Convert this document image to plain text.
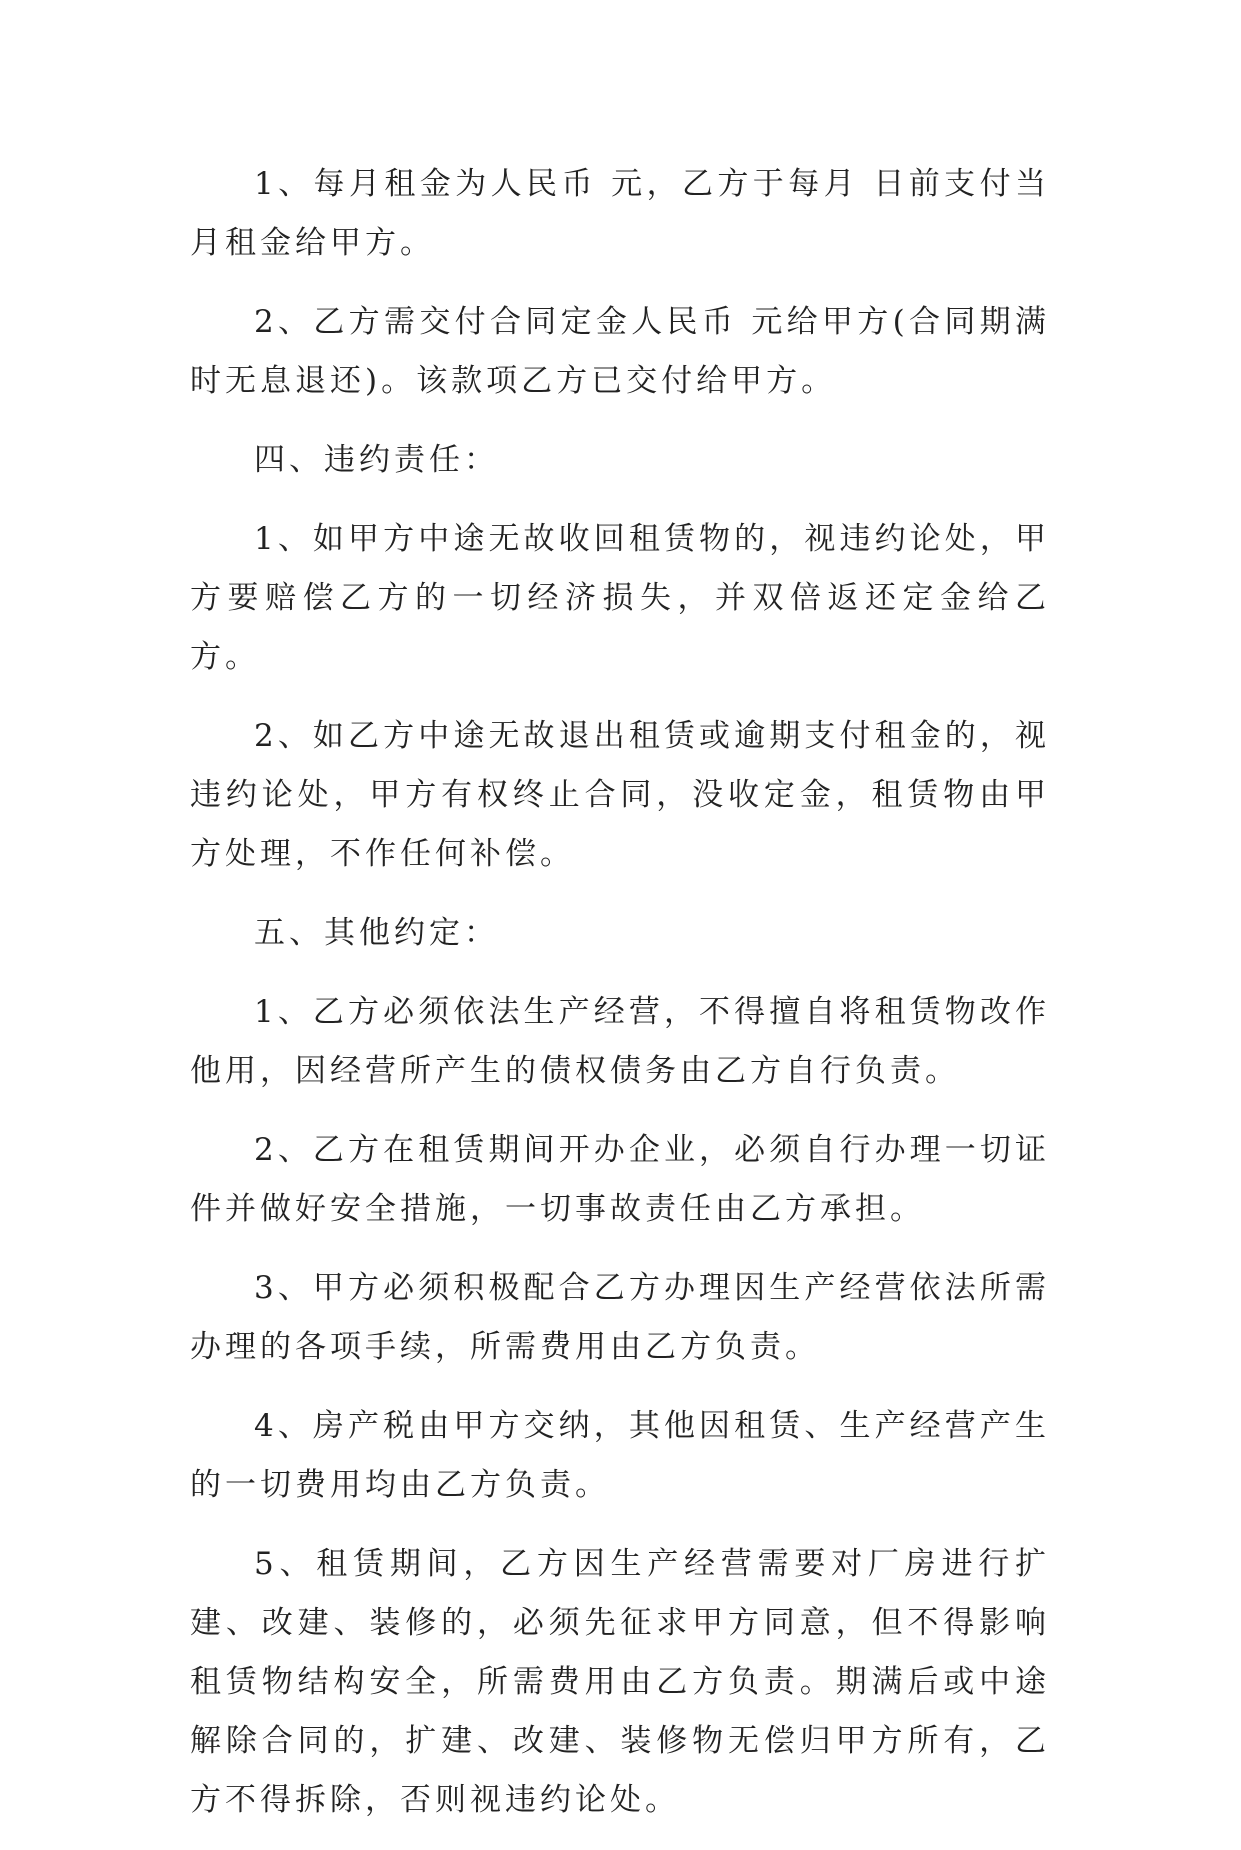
1、每月租金为人民币 元，乙方于每月 日前支付当月租金给甲方。

2、乙方需交付合同定金人民币 元给甲方(合同期满时无息退还)。该款项乙方已交付给甲方。

四、违约责任：

1、如甲方中途无故收回租赁物的，视违约论处，甲方要赔偿乙方的一切经济损失，并双倍返还定金给乙方。

2、如乙方中途无故退出租赁或逾期支付租金的，视违约论处，甲方有权终止合同，没收定金，租赁物由甲方处理，不作任何补偿。

五、其他约定：

1、乙方必须依法生产经营，不得擅自将租赁物改作他用，因经营所产生的债权债务由乙方自行负责。

2、乙方在租赁期间开办企业，必须自行办理一切证件并做好安全措施，一切事故责任由乙方承担。

3、甲方必须积极配合乙方办理因生产经营依法所需办理的各项手续，所需费用由乙方负责。

4、房产税由甲方交纳，其他因租赁、生产经营产生的一切费用均由乙方负责。

5、租赁期间，乙方因生产经营需要对厂房进行扩建、改建、装修的，必须先征求甲方同意，但不得影响租赁物结构安全，所需费用由乙方负责。期满后或中途解除合同的，扩建、改建、装修物无偿归甲方所有，乙方不得拆除，否则视违约论处。
